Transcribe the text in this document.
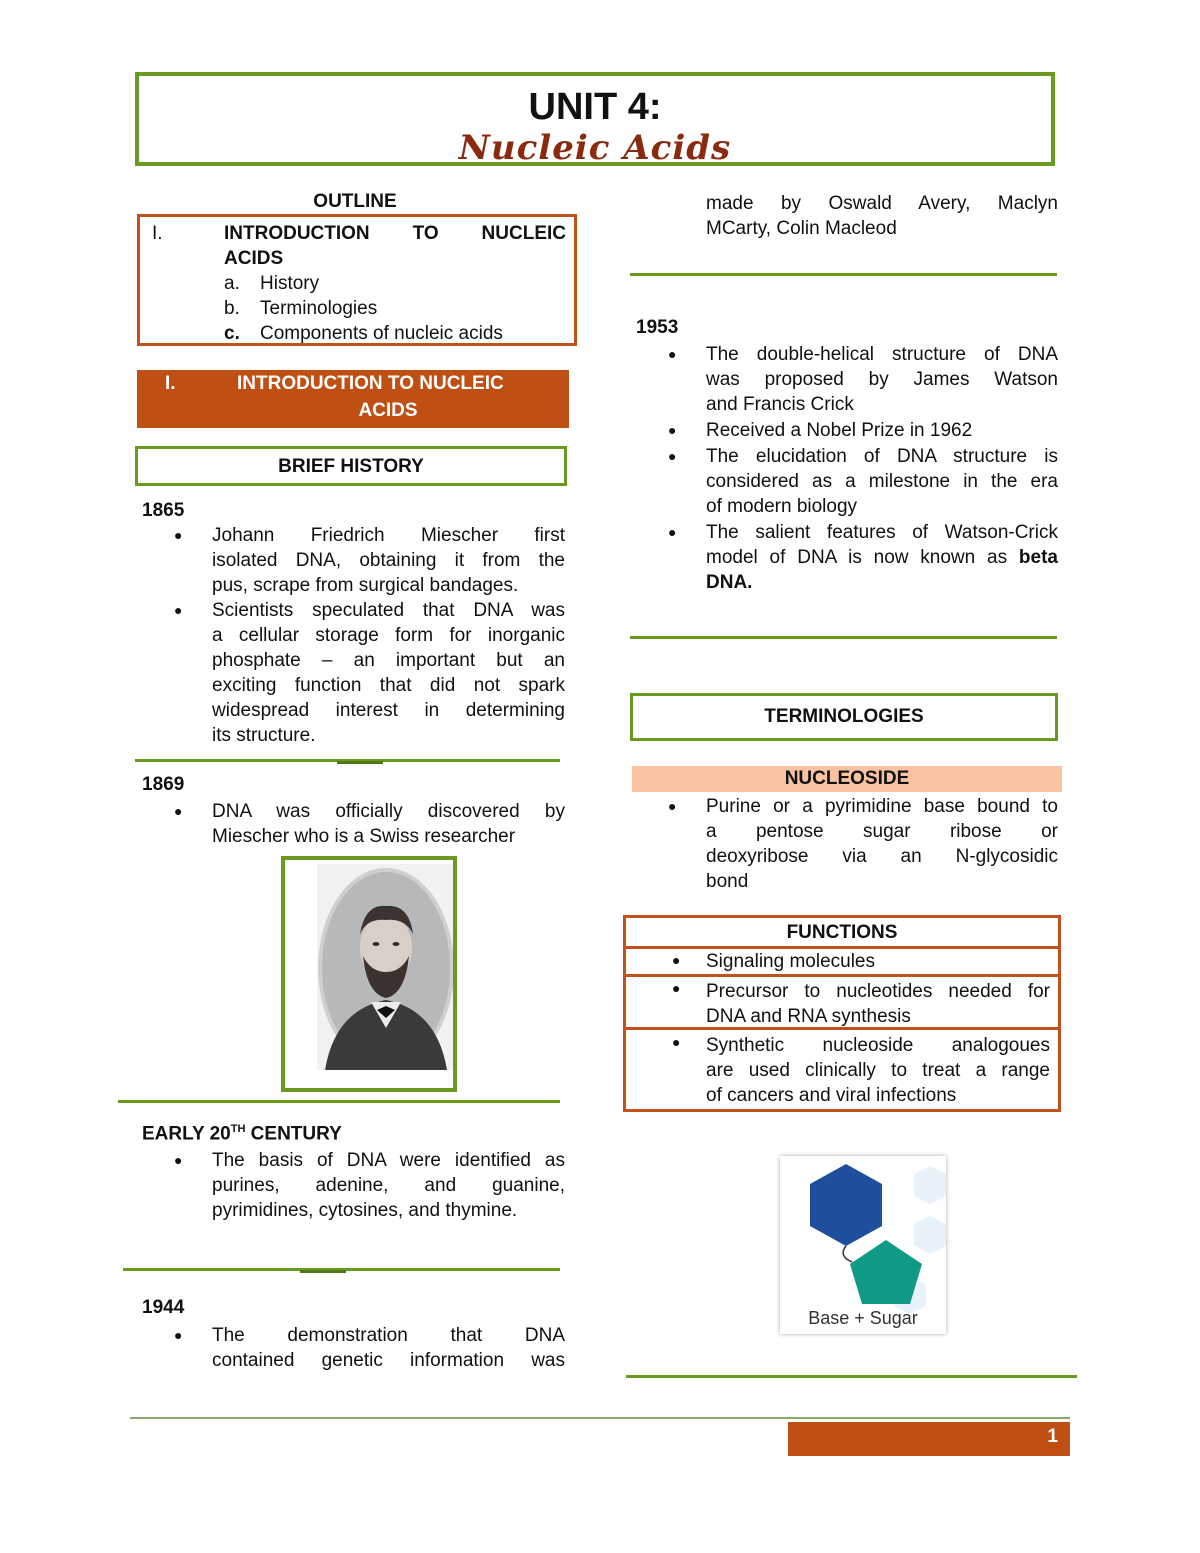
UNIT 4:
Nucleic Acids
OUTLINE
I.	INTRODUCTION TO NUCLEIC
ACIDS
a. History
b. Terminologies
c. Components of nucleic acids
I.	INTRODUCTION TO NUCLEIC
ACIDS
BRIEF HISTORY
1865
● Johann Friedrich Miescher first
isolated DNA, obtaining it from the
pus, scrape from surgical bandages.
● Scientists speculated that DNA was
a cellular storage form for inorganic
phosphate – an important but an
exciting function that did not spark
widespread interest in determining
its structure.
1869
● DNA was officially discovered by
Miescher who is a Swiss researcher
EARLY 20TH CENTURY
● The basis of DNA were identified as
purines, adenine, and guanine,
pyrimidines, cytosines, and thymine.
1944
● The demonstration that DNA
contained genetic information was
made by Oswald Avery, Maclyn
MCarty, Colin Macleod
1953
● The double-helical structure of DNA
was proposed by James Watson
and Francis Crick
● Received a Nobel Prize in 1962
● The elucidation of DNA structure is
considered as a milestone in the era
of modern biology
● The salient features of Watson-Crick
model of DNA is now known as beta
DNA.
TERMINOLOGIES
NUCLEOSIDE
● Purine or a pyrimidine base bound to
a pentose sugar ribose or
deoxyribose via an N-glycosidic
bond
FUNCTIONS
● Signaling molecules
● Precursor to nucleotides needed for
DNA and RNA synthesis
● Synthetic nucleoside analogoues
are used clinically to treat a range
of cancers and viral infections
Base + Sugar
1
